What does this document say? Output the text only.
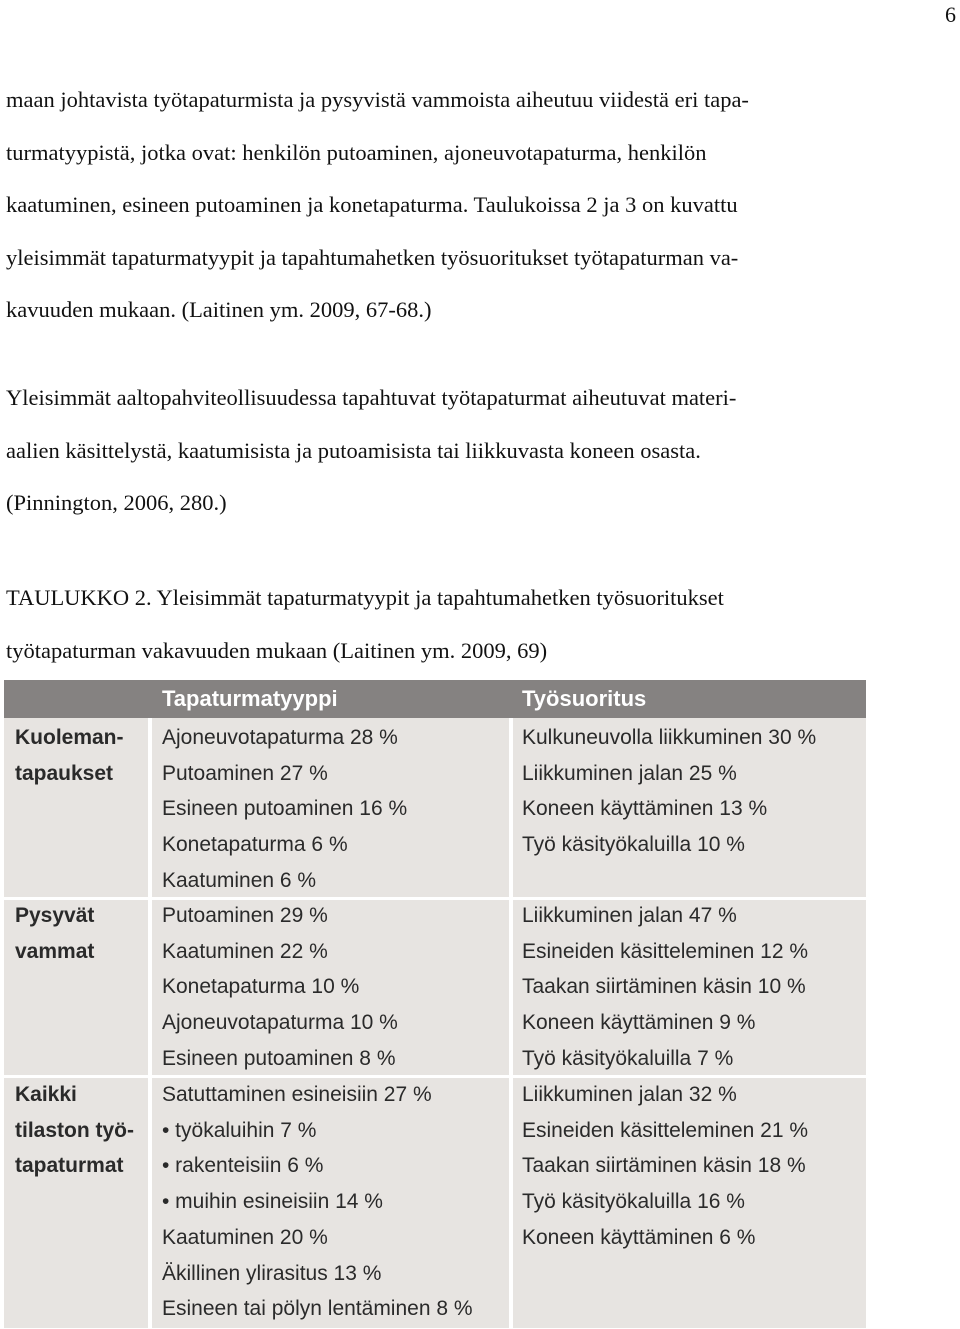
6
maan johtavista työtapaturmista ja pysyvistä vammoista aiheutuu viidestä eri tapa-
turmatyypistä, jotka ovat: henkilön putoaminen, ajoneuvotapaturma, henkilön
kaatuminen, esineen putoaminen ja konetapaturma. Taulukoissa 2 ja 3 on kuvattu
yleisimmät tapaturmatyypit ja tapahtumahetken työsuoritukset työtapaturman va-
kavuuden mukaan. (Laitinen ym. 2009, 67-68.)
Yleisimmät aaltopahviteollisuudessa tapahtuvat työtapaturmat aiheutuvat materi-
aalien käsittelystä, kaatumisista ja putoamisista tai liikkuvasta koneen osasta.
(Pinnington, 2006, 280.)
TAULUKKO 2. Yleisimmät tapaturmatyypit ja tapahtumahetken työsuoritukset
työtapaturman vakavuuden mukaan (Laitinen ym. 2009, 69)
Tapaturmatyyppi	Työsuoritus
Kuoleman-
tapaukset
Ajoneuvotapaturma 28 %
Putoaminen 27 %
Esineen putoaminen 16 %
Konetapaturma 6 %
Kaatuminen 6 %
Kulkuneuvolla liikkuminen 30 %
Liikkuminen jalan 25 %
Koneen käyttäminen 13 %
Työ käsityökaluilla 10 %
Pysyvät
vammat
Putoaminen 29 %
Kaatuminen 22 %
Konetapaturma 10 %
Ajoneuvotapaturma 10 %
Esineen putoaminen 8 %
Liikkuminen jalan 47 %
Esineiden käsitteleminen 12 %
Taakan siirtäminen käsin 10 %
Koneen käyttäminen 9 %
Työ käsityökaluilla 7 %
Kaikki
tilaston työ-
tapaturmat
Satuttaminen esineisiin 27 %
• työkaluihin 7 %
• rakenteisiin 6 %
• muihin esineisiin 14 %
Kaatuminen 20 %
Äkillinen ylirasitus 13 %
Esineen tai pölyn lentäminen 8 %
Liikkuminen jalan 32 %
Esineiden käsitteleminen 21 %
Taakan siirtäminen käsin 18 %
Työ käsityökaluilla 16 %
Koneen käyttäminen 6 %
